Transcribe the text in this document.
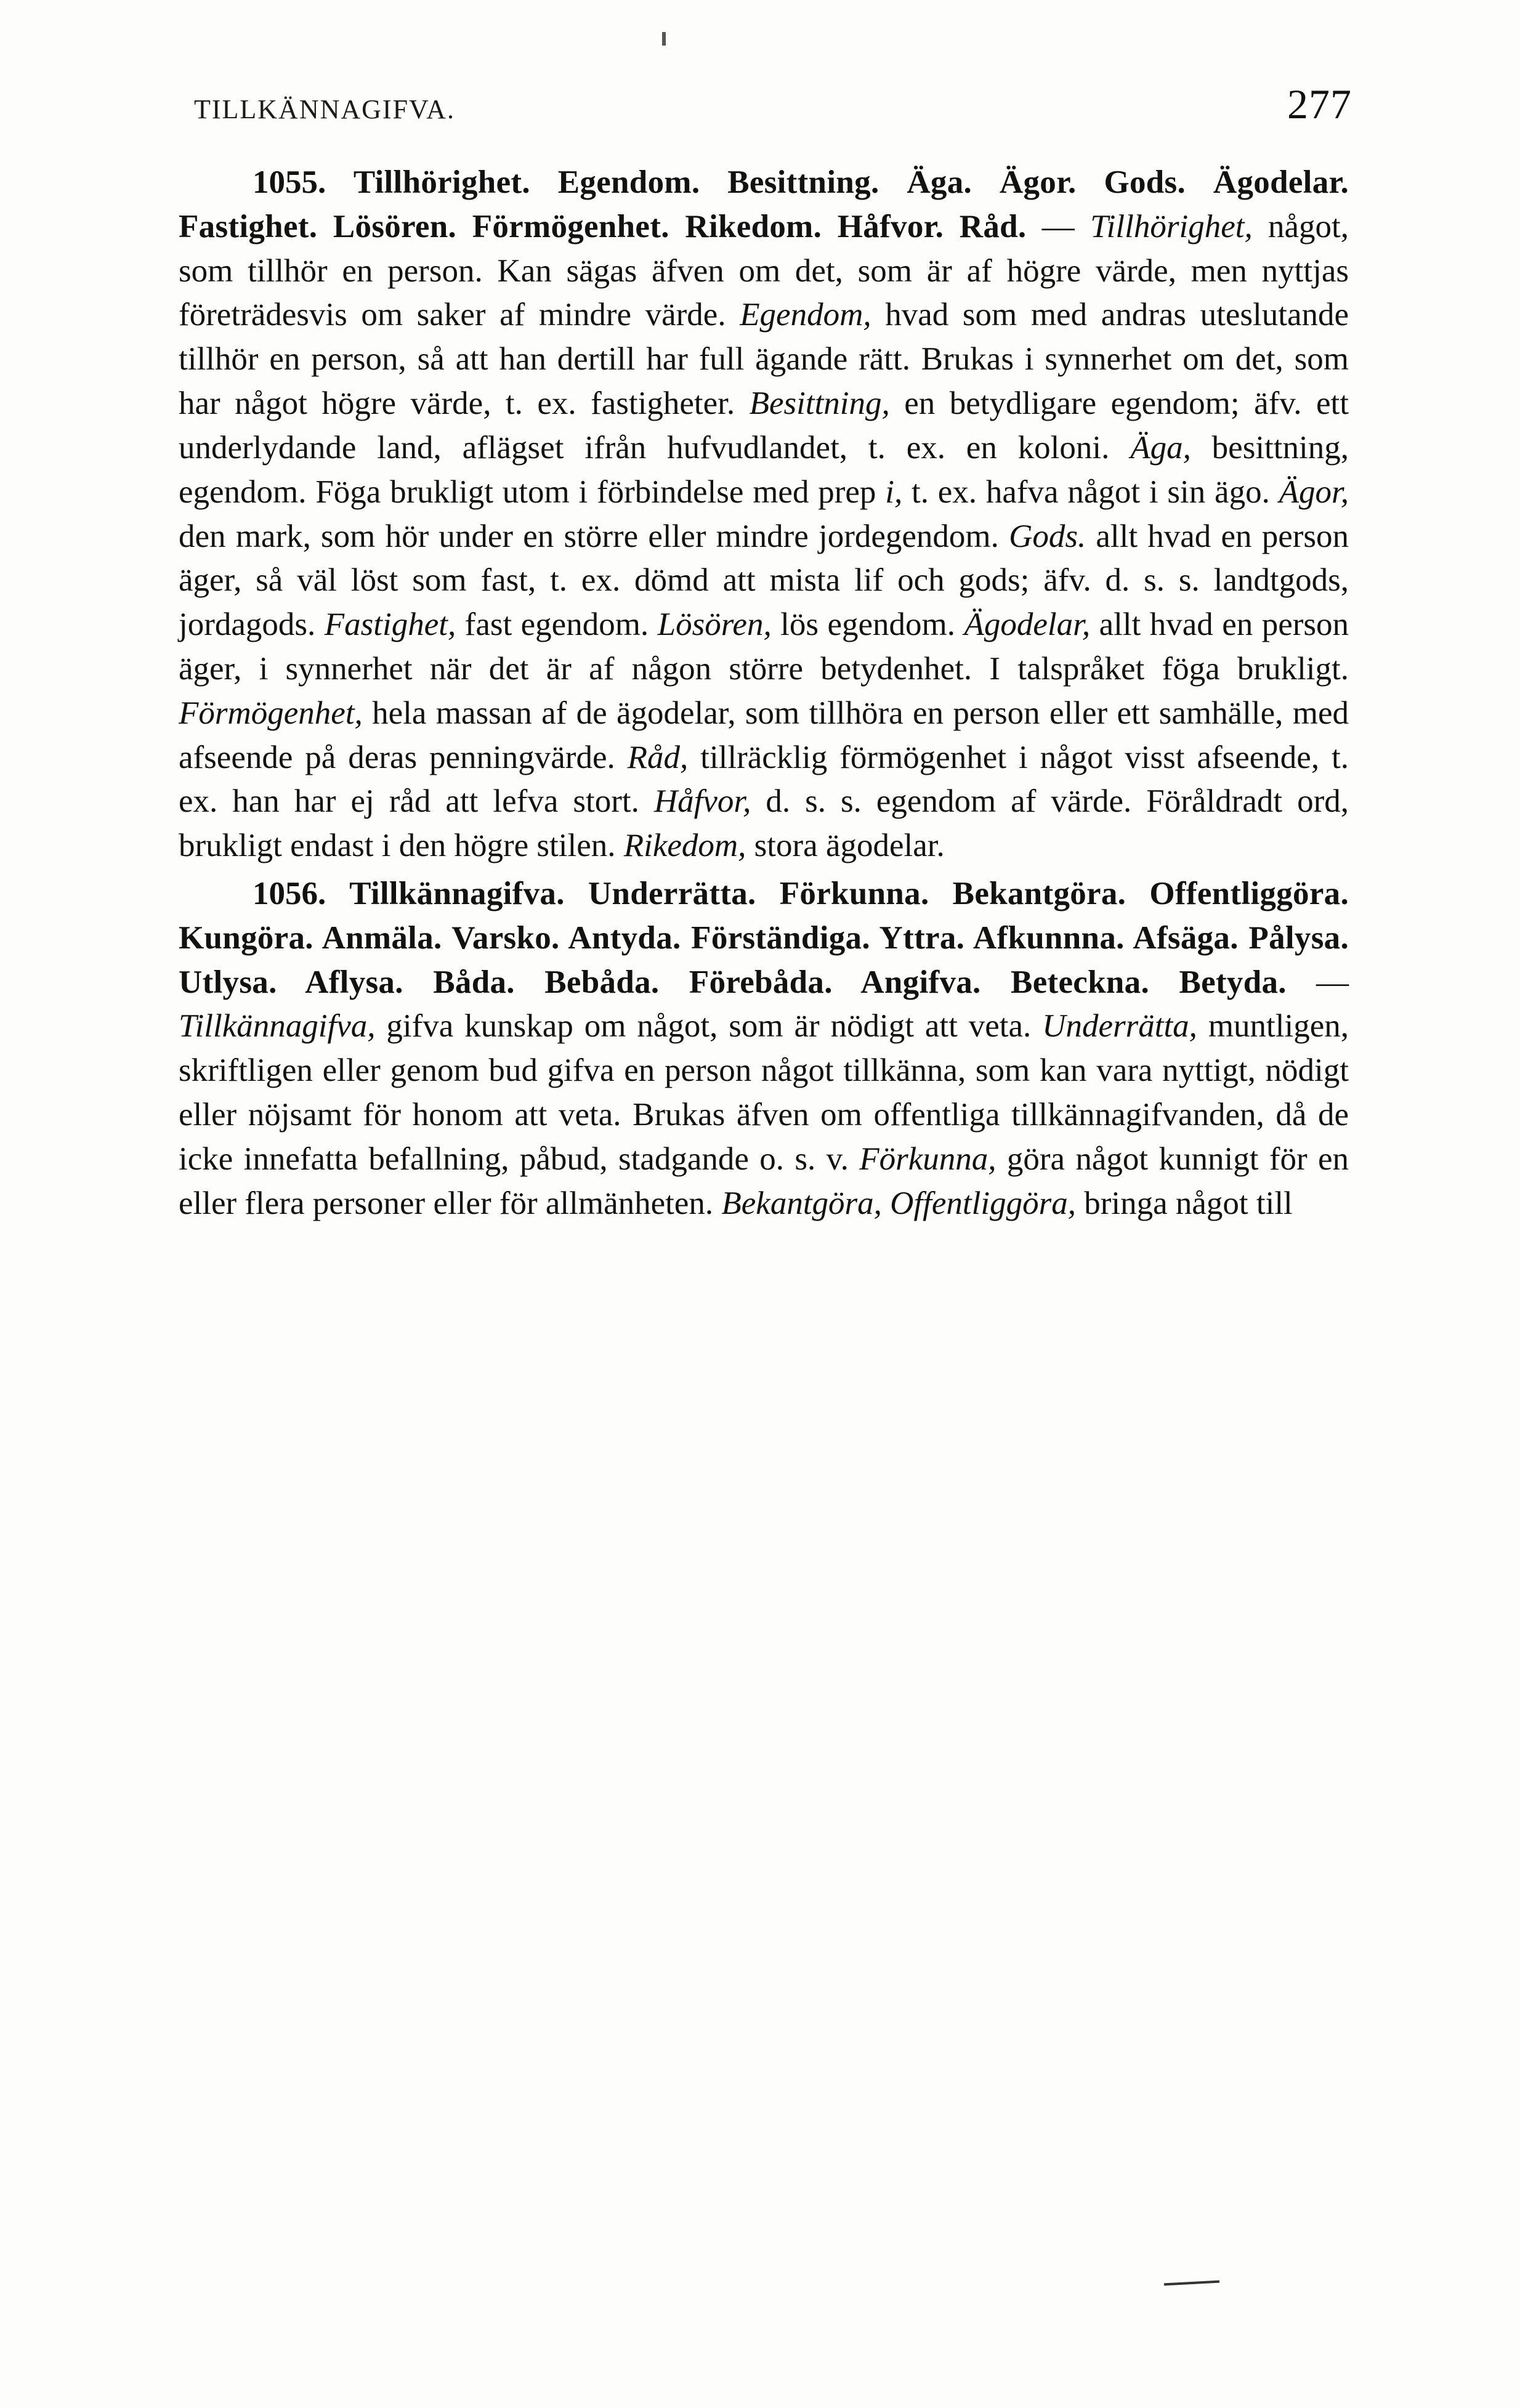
TILLKÄNNAGIFVA.	277

1055. Tillhörighet. Egendom. Besittning. Äga. Ägor. Gods. Ägodelar. Fastighet. Lösören. Förmögenhet. Rikedom. Håfvor. Råd. — Tillhörighet, något, som tillhör en person. Kan sägas äfven om det, som är af högre värde, men nyttjas företrädesvis om saker af mindre värde. Egendom, hvad som med andras uteslutande tillhör en person, så att han dertill har full ägande rätt. Brukas i synnerhet om det, som har något högre värde, t. ex. fastigheter. Besittning, en betydligare egendom; äfv. ett underlydande land, aflägset ifrån hufvudlandet, t. ex. en koloni. Äga, besittning, egendom. Föga brukligt utom i förbindelse med prep i, t. ex. hafva något i sin ägo. Ägor, den mark, som hör under en större eller mindre jordegendom. Gods. allt hvad en person äger, så väl löst som fast, t. ex. dömd att mista lif och gods; äfv. d. s. s. landtgods, jordagods. Fastighet, fast egendom. Lösören, lös egendom. Ägodelar, allt hvad en person äger, i synnerhet när det är af någon större betydenhet. I talspråket föga brukligt. Förmögenhet, hela massan af de ägodelar, som tillhöra en person eller ett samhälle, med afseende på deras penningvärde. Råd, tillräcklig förmögenhet i något visst afseende, t. ex. han har ej råd att lefva stort. Håfvor, d. s. s. egendom af värde. Föråldradt ord, brukligt endast i den högre stilen. Rikedom, stora ägodelar.

1056. Tillkännagifva. Underrätta. Förkunna. Bekantgöra. Offentliggöra. Kungöra. Anmäla. Varsko. Antyda. Förständiga. Yttra. Afkunnna. Afsäga. Pålysa. Utlysa. Aflysa. Båda. Bebåda. Förebåda. Angifva. Beteckna. Betyda. — Tillkännagifva, gifva kunskap om något, som är nödigt att veta. Underrätta, muntligen, skriftligen eller genom bud gifva en person något tillkänna, som kan vara nyttigt, nödigt eller nöjsamt för honom att veta. Brukas äfven om offentliga tillkännagifvanden, då de icke innefatta befallning, påbud, stadgande o. s. v. Förkunna, göra något kunnigt för en eller flera personer eller för allmänheten. Bekantgöra, Offentliggöra, bringa något till
